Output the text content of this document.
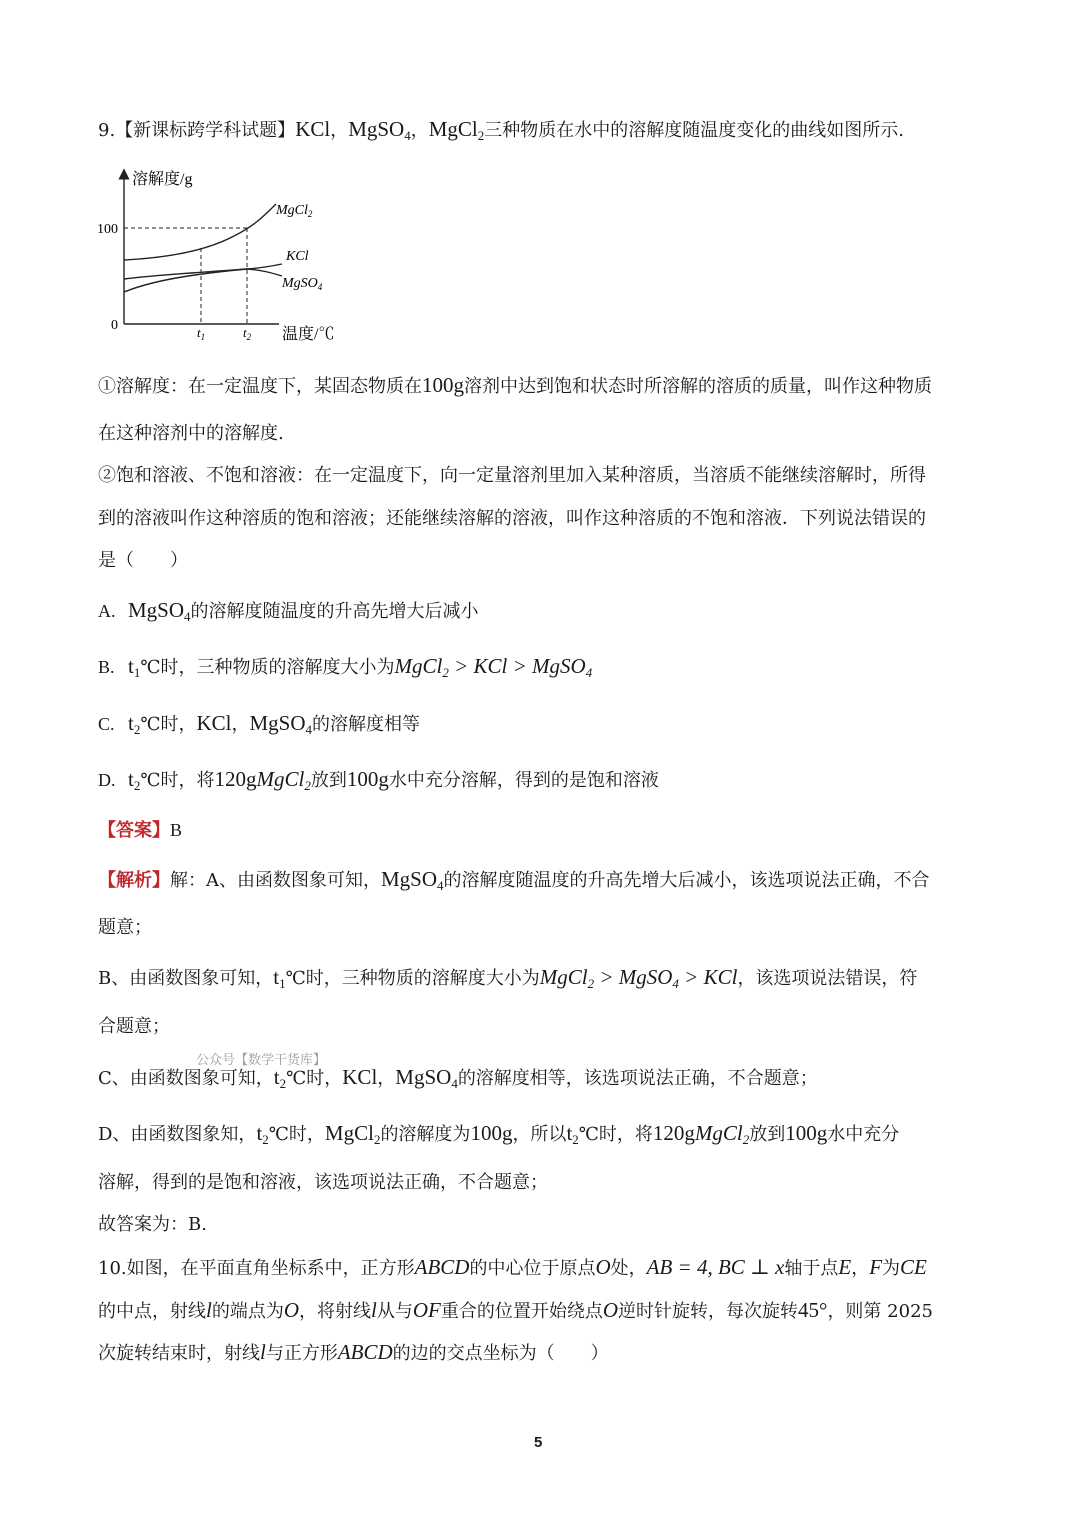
9.【新课标跨学科试题】KCl，MgSO$_4$，MgCl$_2$三种物质在水中的溶解度随温度变化的曲线如图所示.
溶解度/g
100
0	$t_1$	$t_2$ 温度/℃
MgCl$_2$
KCl
MgSO$_4$
①溶解度：在一定温度下，某固态物质在100g溶剂中达到饱和状态时所溶解的溶质的质量，叫作这种物质
在这种溶剂中的溶解度.
②饱和溶液、不饱和溶液：在一定温度下，向一定量溶剂里加入某种溶质，当溶质不能继续溶解时，所得
到的溶液叫作这种溶质的饱和溶液；还能继续溶解的溶液，叫作这种溶质的不饱和溶液．下列说法错误的
是（　　）
A. MgSO$_4$的溶解度随温度的升高先增大后减小
B. $t_1℃$时，三种物质的溶解度大小为MgCl$_2$ > KCl > MgSO$_4$
C. $t_2℃$时，KCl，MgSO$_4$的溶解度相等
D. $t_2℃$时，将120gMgCl$_2$放到100g水中充分溶解，得到的是饱和溶液
【答案】B
【解析】解：A、由函数图象可知，MgSO$_4$的溶解度随温度的升高先增大后减小，该选项说法正确，不合
题意；
B、由函数图象可知，$t_1℃$时，三种物质的溶解度大小为MgCl$_2$ > MgSO$_4$ > KCl，该选项说法错误，符
合题意；
公众号【数学干货库】
C、由函数图象可知，$t_2℃$时，KCl，MgSO$_4$的溶解度相等，该选项说法正确，不合题意；
D、由函数图象知，$t_2℃$时，MgCl$_2$的溶解度为100g，所以$t_2℃$时，将120gMgCl$_2$放到100g水中充分
溶解，得到的是饱和溶液，该选项说法正确，不合题意；
故答案为：B.
10.如图，在平面直角坐标系中，正方形ABCD的中心位于原点O处，AB = 4, BC ⊥ x轴于点E，F为CE
的中点，射线l的端点为O，将射线l从与OF重合的位置开始绕点O逆时针旋转，每次旋转45°，则第 2025
次旋转结束时，射线l与正方形ABCD的边的交点坐标为（　　）
5
